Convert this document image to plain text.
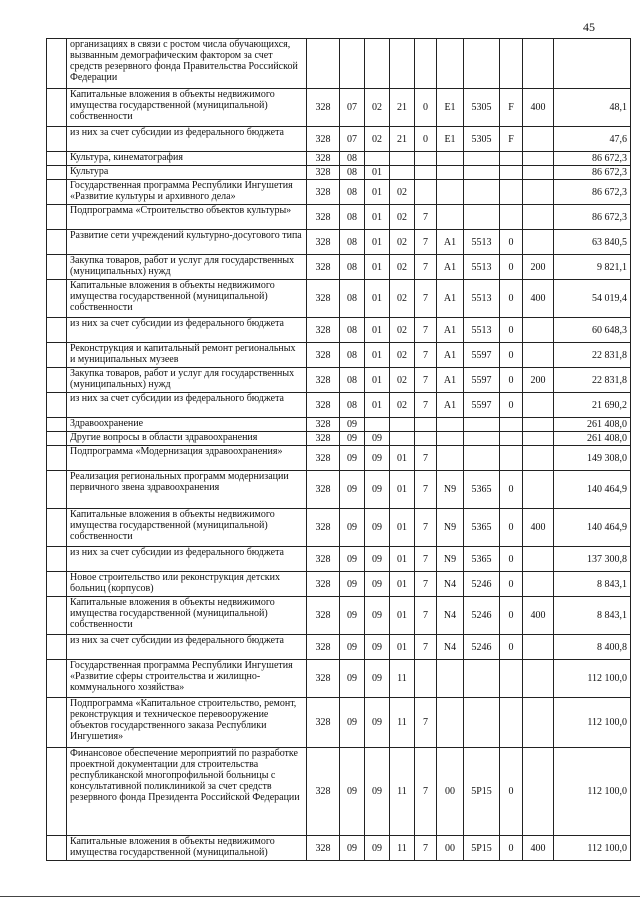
45
	организациях в связи с ростом числа обучающихся, вызванным демографическим фактором за счет средств резервного фонда Правительства Российской Федерации										
	Капитальные вложения в объекты недвижимого имущества государственной (муниципальной) собственности	328	07	02	21	0	E1	5305	F	400	48,1
	из них за счет субсидии из федерального бюджета	328	07	02	21	0	E1	5305	F		47,6
	Культура, кинематография	328	08								86 672,3
	Культура	328	08	01							86 672,3
	Государственная программа Республики Ингушетия «Развитие культуры и архивного дела»	328	08	01	02						86 672,3
	Подпрограмма «Строительство объектов культуры»	328	08	01	02	7					86 672,3
	Развитие сети учреждений культурно-досугового типа	328	08	01	02	7	A1	5513	0		63 840,5
	Закупка товаров, работ и услуг для государственных (муниципальных) нужд	328	08	01	02	7	A1	5513	0	200	9 821,1
	Капитальные вложения в объекты недвижимого имущества государственной (муниципальной) собственности	328	08	01	02	7	A1	5513	0	400	54 019,4
	из них за счет субсидии из федерального бюджета	328	08	01	02	7	A1	5513	0		60 648,3
	Реконструкция и капитальный ремонт региональных и муниципальных музеев	328	08	01	02	7	A1	5597	0		22 831,8
	Закупка товаров, работ и услуг для государственных (муниципальных) нужд	328	08	01	02	7	A1	5597	0	200	22 831,8
	из них за счет субсидии из федерального бюджета	328	08	01	02	7	A1	5597	0		21 690,2
	Здравоохранение	328	09								261 408,0
	Другие вопросы в области здравоохранения	328	09	09							261 408,0
	Подпрограмма «Модернизация здравоохранения»	328	09	09	01	7					149 308,0
	Реализация региональных программ модернизации первичного звена здравоохранения	328	09	09	01	7	N9	5365	0		140 464,9
	Капитальные вложения в объекты недвижимого имущества государственной (муниципальной) собственности	328	09	09	01	7	N9	5365	0	400	140 464,9
	из них за счет субсидии из федерального бюджета	328	09	09	01	7	N9	5365	0		137 300,8
	Новое строительство или реконструкция детских больниц (корпусов)	328	09	09	01	7	N4	5246	0		8 843,1
	Капитальные вложения в объекты недвижимого имущества государственной (муниципальной) собственности	328	09	09	01	7	N4	5246	0	400	8 843,1
	из них за счет субсидии из федерального бюджета	328	09	09	01	7	N4	5246	0		8 400,8
	Государственная программа Республики Ингушетия «Развитие сферы строительства и жилищно-коммунального хозяйства»	328	09	09	11						112 100,0
	Подпрограмма «Капитальное строительство, ремонт, реконструкция и техническое перевооружение объектов государственного заказа Республики Ингушетия»	328	09	09	11	7					112 100,0
	Финансовое обеспечение мероприятий по разработке проектной документации для строительства республиканской многопрофильной больницы с консультативной поликлиникой за счет средств резервного фонда Президента Российской Федерации	328	09	09	11	7	00	5P15	0		112 100,0
	Капитальные вложения в объекты недвижимого имущества государственной (муниципальной)	328	09	09	11	7	00	5P15	0	400	112 100,0
